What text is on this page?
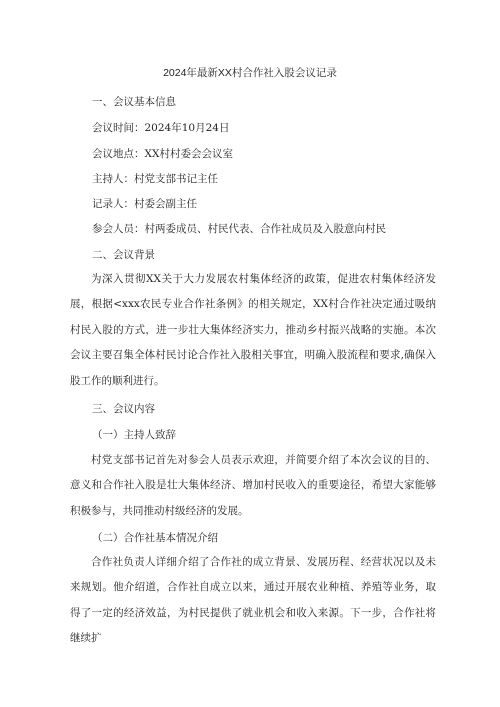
2024年最新XX村合作社入股会议记录
一、会议基本信息
会议时间：2024年10月24日
会议地点：XX村村委会会议室
主持人：村党支部书记主任
记录人：村委会副主任
参会人员：村两委成员、村民代表、合作社成员及入股意向村民
二、会议背景

为深入贯彻XX关于大力发展农村集体经济的政策，促进农村集体经济发展，根据<xxx农民专业合作社条例》的相关规定，XX村合作社决定通过吸纳村民入股的方式，进一步壮大集体经济实力，推动乡村振兴战略的实施。本次会议主要召集全体村民讨论合作社入股相关事宜，明确入股流程和要求,确保入股工作的顺利进行。

三、会议内容
（一）主持人致辞

村党支部书记首先对参会人员表示欢迎，并简要介绍了本次会议的目的、意义和合作社入股是壮大集体经济、增加村民收入的重要途径，希望大家能够积极参与，共同推动村级经济的发展。

（二）合作社基本情况介绍

合作社负责人详细介绍了合作社的成立背景、发展历程、经营状况以及未来规划。他介绍道，合作社自成立以来，通过开展农业种植、养殖等业务，取得了一定的经济效益，为村民提供了就业机会和收入来源。下一步，合作社将继续扩
